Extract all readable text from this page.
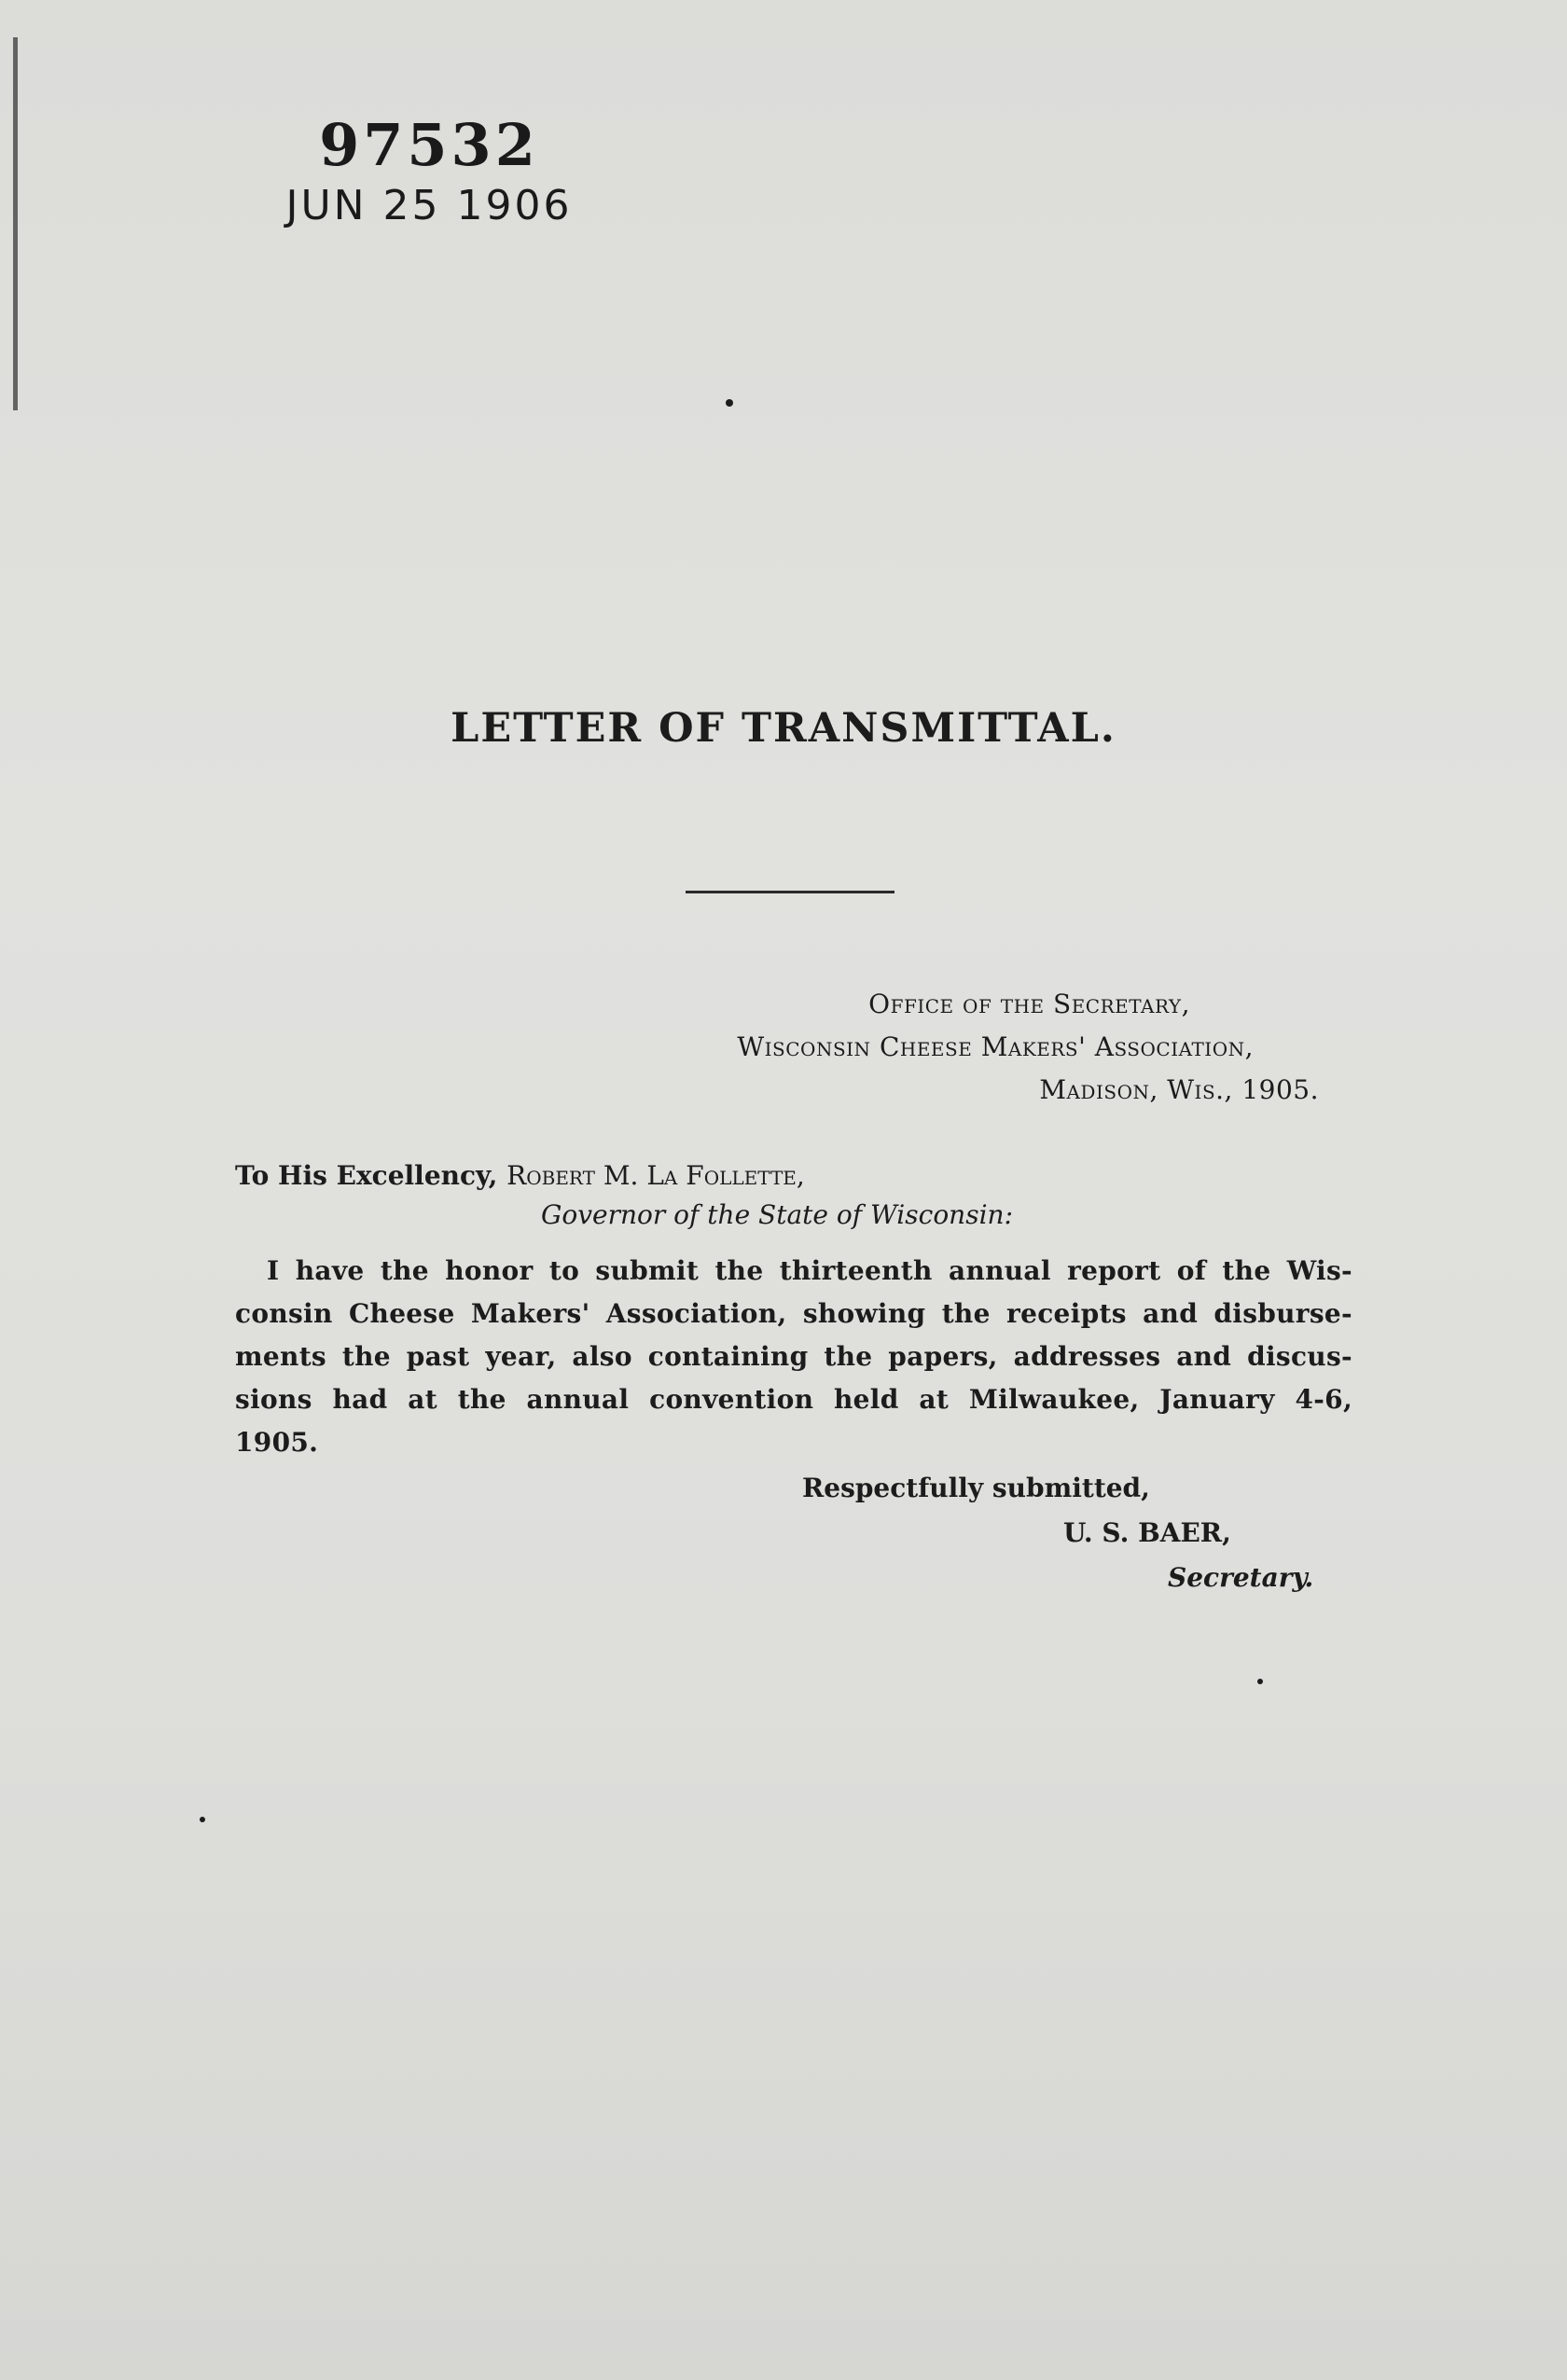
97532
JUN 25 1906
LETTER OF TRANSMITTAL.
Office of the Secretary,
Wisconsin Cheese Makers' Association,
Madison, Wis., 1905.
To His Excellency, Robert M. La Follette,
Governor of the State of Wisconsin:
I have the honor to submit the thirteenth annual report of the Wis-
consin Cheese Makers' Association, showing the receipts and disburse-
ments the past year, also containing the papers, addresses and discus-
sions had at the annual convention held at Milwaukee, January 4-6,
1905.
Respectfully submitted,
U. S. BAER,
Secretary.
